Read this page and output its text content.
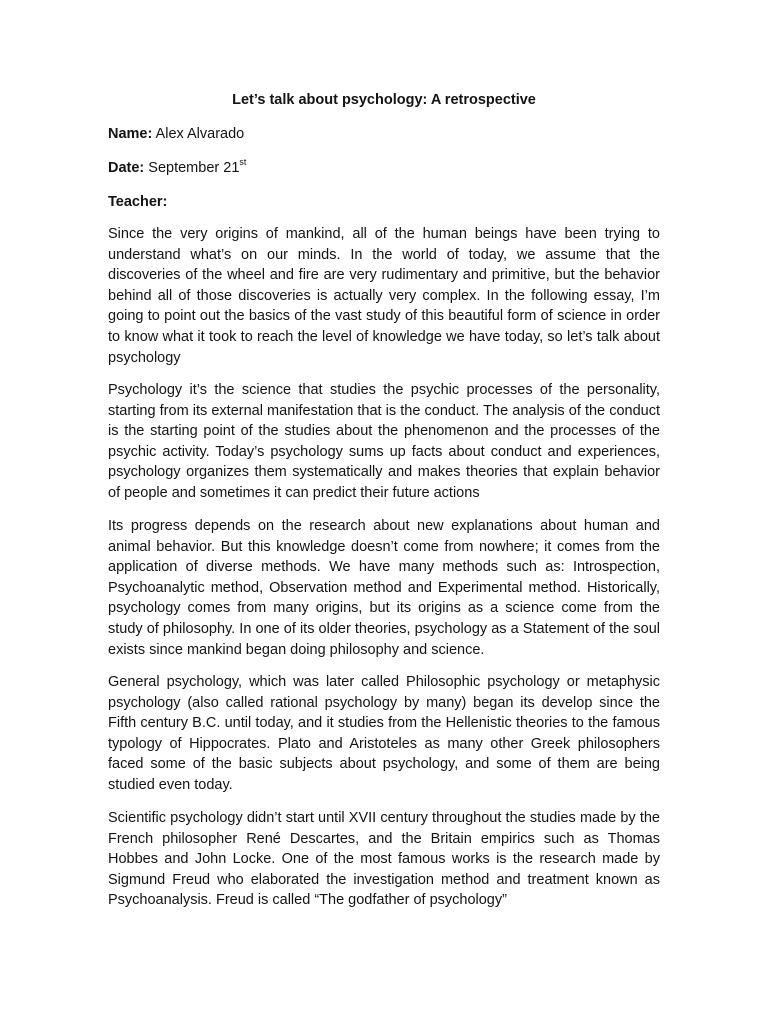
Let’s talk about psychology: A retrospective
Name: Alex Alvarado
Date: September 21st
Teacher:

Since the very origins of mankind, all of the human beings have been trying to understand what’s on our minds. In the world of today, we assume that the discoveries of the wheel and fire are very rudimentary and primitive, but the behavior behind all of those discoveries is actually very complex. In the following essay, I’m going to point out the basics of the vast study of this beautiful form of science in order to know what it took to reach the level of knowledge we have today, so let’s talk about psychology

Psychology it’s the science that studies the psychic processes of the personality, starting from its external manifestation that is the conduct. The analysis of the conduct is the starting point of the studies about the phenomenon and the processes of the psychic activity. Today’s psychology sums up facts about conduct and experiences, psychology organizes them systematically and makes theories that explain behavior of people and sometimes it can predict their future actions

Its progress depends on the research about new explanations about human and animal behavior. But this knowledge doesn’t come from nowhere; it comes from the application of diverse methods. We have many methods such as: Introspection, Psychoanalytic method, Observation method and Experimental method. Historically, psychology comes from many origins, but its origins as a science come from the study of philosophy. In one of its older theories, psychology as a Statement of the soul exists since mankind began doing philosophy and science.

General psychology, which was later called Philosophic psychology or metaphysic psychology (also called rational psychology by many) began its develop since the Fifth century B.C. until today, and it studies from the Hellenistic theories to the famous typology of Hippocrates. Plato and Aristoteles as many other Greek philosophers faced some of the basic subjects about psychology, and some of them are being studied even today.

Scientific psychology didn’t start until XVII century throughout the studies made by the French philosopher René Descartes, and the Britain empirics such as Thomas Hobbes and John Locke. One of the most famous works is the research made by Sigmund Freud who elaborated the investigation method and treatment known as Psychoanalysis. Freud is called “The godfather of psychology”
